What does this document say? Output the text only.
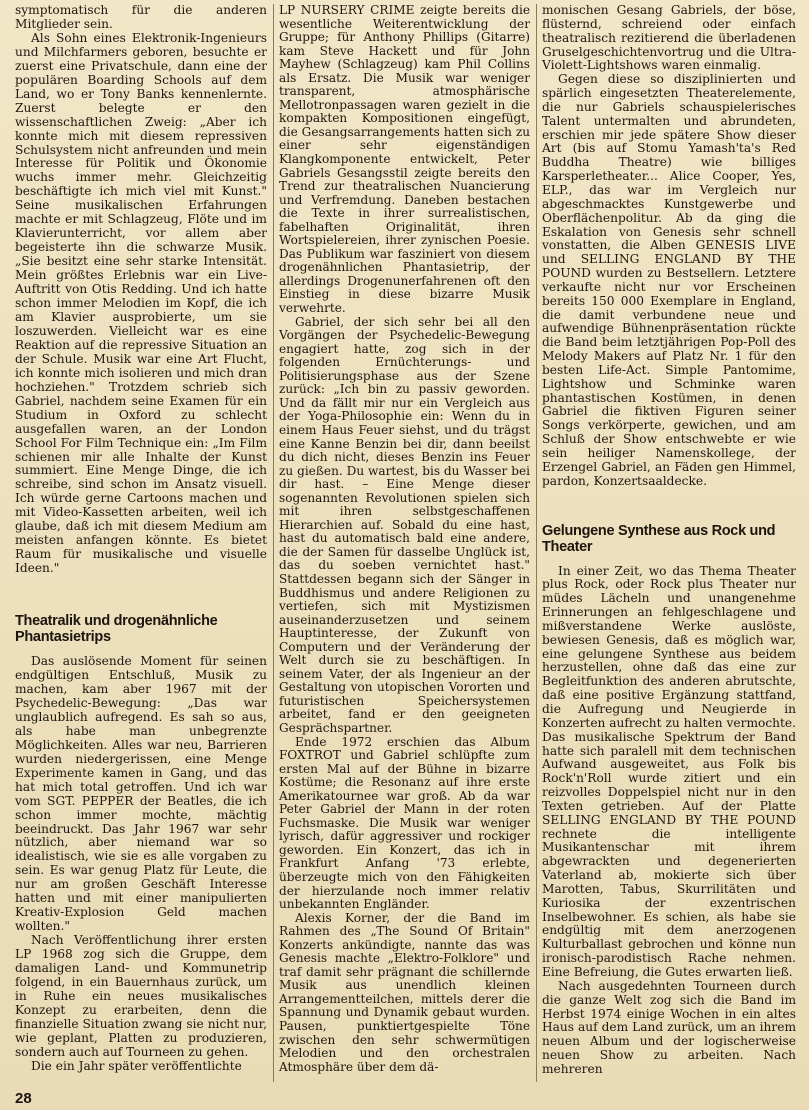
symptomatisch für die anderen Mitglieder sein.

Als Sohn eines Elektronik-Ingenieurs und Milchfarmers geboren, besuchte er zuerst eine Privatschule, dann eine der populären Boarding Schools auf dem Land, wo er Tony Banks kennenlernte. Zuerst belegte er den wissenschaftlichen Zweig: „Aber ich konnte mich mit diesem repressiven Schulsystem nicht anfreunden und mein Interesse für Politik und Ökonomie wuchs immer mehr. Gleichzeitig beschäftigte ich mich viel mit Kunst." Seine musikalischen Erfahrungen machte er mit Schlagzeug, Flöte und im Klavierunterricht, vor allem aber begeisterte ihn die schwarze Musik. „Sie besitzt eine sehr starke Intensität. Mein größtes Erlebnis war ein Live-Auftritt von Otis Redding. Und ich hatte schon immer Melodien im Kopf, die ich am Klavier ausprobierte, um sie loszuwerden. Vielleicht war es eine Reaktion auf die repressive Situation an der Schule. Musik war eine Art Flucht, ich konnte mich isolieren und mich dran hochziehen." Trotzdem schrieb sich Gabriel, nachdem seine Examen für ein Studium in Oxford zu schlecht ausgefallen waren, an der London School For Film Technique ein: „Im Film schienen mir alle Inhalte der Kunst summiert. Eine Menge Dinge, die ich schreibe, sind schon im Ansatz visuell. Ich würde gerne Cartoons machen und mit Video-Kassetten arbeiten, weil ich glaube, daß ich mit diesem Medium am meisten anfangen könnte. Es bietet Raum für musikalische und visuelle Ideen."

Theatralik und drogenähnliche Phantasietrips

Das auslösende Moment für seinen endgültigen Entschluß, Musik zu machen, kam aber 1967 mit der Psychedelic-Bewegung: „Das war unglaublich aufregend. Es sah so aus, als habe man unbegrenzte Möglichkeiten. Alles war neu, Barrieren wurden niedergerissen, eine Menge Experimente kamen in Gang, und das hat mich total getroffen. Und ich war vom SGT. PEPPER der Beatles, die ich schon immer mochte, mächtig beeindruckt. Das Jahr 1967 war sehr nützlich, aber niemand war so idealistisch, wie sie es alle vorgaben zu sein. Es war genug Platz für Leute, die nur am großen Geschäft Interesse hatten und mit einer manipulierten Kreativ-Explosion Geld machen wollten."

Nach Veröffentlichung ihrer ersten LP 1968 zog sich die Gruppe, dem damaligen Land- und Kommunetrip folgend, in ein Bauernhaus zurück, um in Ruhe ein neues musikalisches Konzept zu erarbeiten, denn die finanzielle Situation zwang sie nicht nur, wie geplant, Platten zu produzieren, sondern auch auf Tourneen zu gehen.

Die ein Jahr später veröffentlichte

LP NURSERY CRIME zeigte bereits die wesentliche Weiterentwicklung der Gruppe; für Anthony Phillips (Gitarre) kam Steve Hackett und für John Mayhew (Schlagzeug) kam Phil Collins als Ersatz. Die Musik war weniger transparent, atmosphärische Mellotronpassagen waren gezielt in die kompakten Kompositionen eingefügt, die Gesangsarrangements hatten sich zu einer sehr eigenständigen Klangkomponente entwickelt, Peter Gabriels Gesangsstil zeigte bereits den Trend zur theatralischen Nuancierung und Verfremdung. Daneben bestachen die Texte in ihrer surrealistischen, fabelhaften Originalität, ihren Wortspielereien, ihrer zynischen Poesie. Das Publikum war fasziniert von diesem drogenähnlichen Phantasietrip, der allerdings Drogenunerfahrenen oft den Einstieg in diese bizarre Musik verwehrte.

Gabriel, der sich sehr bei all den Vorgängen der Psychedelic-Bewegung engagiert hatte, zog sich in der folgenden Ernüchterungs- und Politisierungsphase aus der Szene zurück: „Ich bin zu passiv geworden. Und da fällt mir nur ein Vergleich aus der Yoga-Philosophie ein: Wenn du in einem Haus Feuer siehst, und du trägst eine Kanne Benzin bei dir, dann beeilst du dich nicht, dieses Benzin ins Feuer zu gießen. Du wartest, bis du Wasser bei dir hast. – Eine Menge dieser sogenannten Revolutionen spielen sich mit ihren selbstgeschaffenen Hierarchien auf. Sobald du eine hast, hast du automatisch bald eine andere, die der Samen für dasselbe Unglück ist, das du soeben vernichtet hast." Stattdessen begann sich der Sänger in Buddhismus und andere Religionen zu vertiefen, sich mit Mystizismen auseinanderzusetzen und seinem Hauptinteresse, der Zukunft von Computern und der Veränderung der Welt durch sie zu beschäftigen. In seinem Vater, der als Ingenieur an der Gestaltung von utopischen Vororten und futuristischen Speichersystemen arbeitet, fand er den geeigneten Gesprächspartner.

Ende 1972 erschien das Album FOXTROT und Gabriel schlüpfte zum ersten Mal auf der Bühne in bizarre Kostüme; die Resonanz auf ihre erste Amerikatournee war groß. Ab da war Peter Gabriel der Mann in der roten Fuchsmaske. Die Musik war weniger lyrisch, dafür aggressiver und rockiger geworden. Ein Konzert, das ich in Frankfurt Anfang '73 erlebte, überzeugte mich von den Fähigkeiten der hierzulande noch immer relativ unbekannten Engländer.

Alexis Korner, der die Band im Rahmen des „The Sound Of Britain" Konzerts ankündigte, nannte das was Genesis machte „Elektro-Folklore" und traf damit sehr prägnant die schillernde Musik aus unendlich kleinen Arrangementteilchen, mittels derer die Spannung und Dynamik gebaut wurden. Pausen, punktiertgespielte Töne zwischen den sehr schwermütigen Melodien und den orchestralen Atmosphäre über dem dä-

monischen Gesang Gabriels, der böse, flüsternd, schreiend oder einfach theatralisch rezitierend die überladenen Gruselgeschichtenvortrug und die Ultra-Violett-Lightshows waren einmalig.

Gegen diese so disziplinierten und spärlich eingesetzten Theaterelemente, die nur Gabriels schauspielerisches Talent untermalten und abrundeten, erschien mir jede spätere Show dieser Art (bis auf Stomu Yamash'ta's Red Buddha Theatre) wie billiges Karsperletheater... Alice Cooper, Yes, ELP., das war im Vergleich nur abgeschmacktes Kunstgewerbe und Oberflächenpolitur. Ab da ging die Eskalation von Genesis sehr schnell vonstatten, die Alben GENESIS LIVE und SELLING ENGLAND BY THE POUND wurden zu Bestsellern. Letztere verkaufte nicht nur vor Erscheinen bereits 150 000 Exemplare in England, die damit verbundene neue und aufwendige Bühnenpräsentation rückte die Band beim letztjährigen Pop-Poll des Melody Makers auf Platz Nr. 1 für den besten Life-Act. Simple Pantomime, Lightshow und Schminke waren phantastischen Kostümen, in denen Gabriel die fiktiven Figuren seiner Songs verkörperte, gewichen, und am Schluß der Show entschwebte er wie sein heiliger Namenskollege, der Erzengel Gabriel, an Fäden gen Himmel, pardon, Konzertsaaldecke.

Gelungene Synthese aus Rock und Theater

In einer Zeit, wo das Thema Theater plus Rock, oder Rock plus Theater nur müdes Lächeln und unangenehme Erinnerungen an fehlgeschlagene und mißverstandene Werke auslöste, bewiesen Genesis, daß es möglich war, eine gelungene Synthese aus beidem herzustellen, ohne daß das eine zur Begleitfunktion des anderen abrutschte, daß eine positive Ergänzung stattfand, die Aufregung und Neugierde in Konzerten aufrecht zu halten vermochte. Das musikalische Spektrum der Band hatte sich paralell mit dem technischen Aufwand ausgeweitet, aus Folk bis Rock'n'Roll wurde zitiert und ein reizvolles Doppelspiel nicht nur in den Texten getrieben. Auf der Platte SELLING ENGLAND BY THE POUND rechnete die intelligente Musikantenschar mit ihrem abgewrackten und degenerierten Vaterland ab, mokierte sich über Marotten, Tabus, Skurrilitäten und Kuriosika der exzentrischen Inselbewohner. Es schien, als habe sie endgültig mit dem anerzogenen Kulturballast gebrochen und könne nun ironisch-parodistisch Rache nehmen. Eine Befreiung, die Gutes erwarten ließ.

Nach ausgedehnten Tourneen durch die ganze Welt zog sich die Band im Herbst 1974 einige Wochen in ein altes Haus auf dem Land zurück, um an ihrem neuen Album und der logischerweise neuen Show zu arbeiten. Nach mehreren

28
